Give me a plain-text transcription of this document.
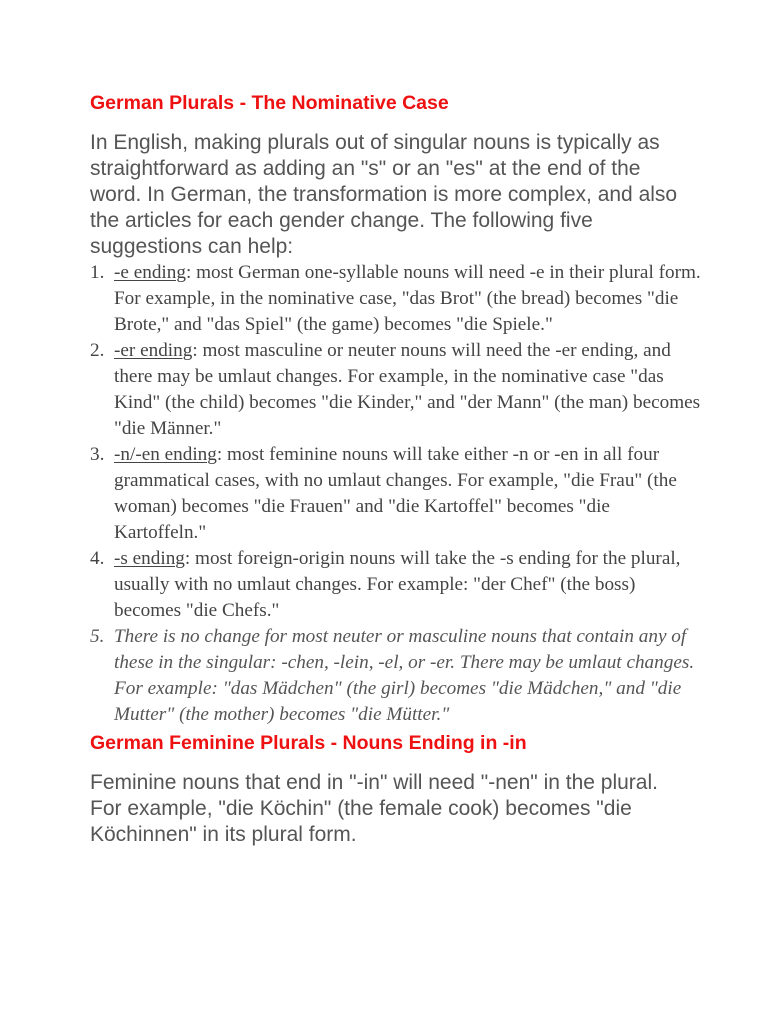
German Plurals - The Nominative Case

In English, making plurals out of singular nouns is typically as straightforward as adding an "s" or an "es" at the end of the word. In German, the transformation is more complex, and also the articles for each gender change. The following five suggestions can help:

1. -e ending: most German one-syllable nouns will need -e in their plural form. For example, in the nominative case, "das Brot" (the bread) becomes "die Brote," and "das Spiel" (the game) becomes "die Spiele."
2. -er ending: most masculine or neuter nouns will need the -er ending, and there may be umlaut changes. For example, in the nominative case "das Kind" (the child) becomes "die Kinder," and "der Mann" (the man) becomes "die Männer."
3. -n/-en ending: most feminine nouns will take either -n or -en in all four grammatical cases, with no umlaut changes. For example, "die Frau" (the woman) becomes "die Frauen" and "die Kartoffel" becomes "die Kartoffeln."
4. -s ending: most foreign-origin nouns will take the -s ending for the plural, usually with no umlaut changes. For example: "der Chef" (the boss) becomes "die Chefs."
5. There is no change for most neuter or masculine nouns that contain any of these in the singular: -chen, -lein, -el, or -er. There may be umlaut changes. For example: "das Mädchen" (the girl) becomes "die Mädchen," and "die Mutter" (the mother) becomes "die Mütter."
German Feminine Plurals - Nouns Ending in -in

Feminine nouns that end in "-in" will need "-nen" in the plural. For example, "die Köchin" (the female cook) becomes "die Köchinnen" in its plural form.
